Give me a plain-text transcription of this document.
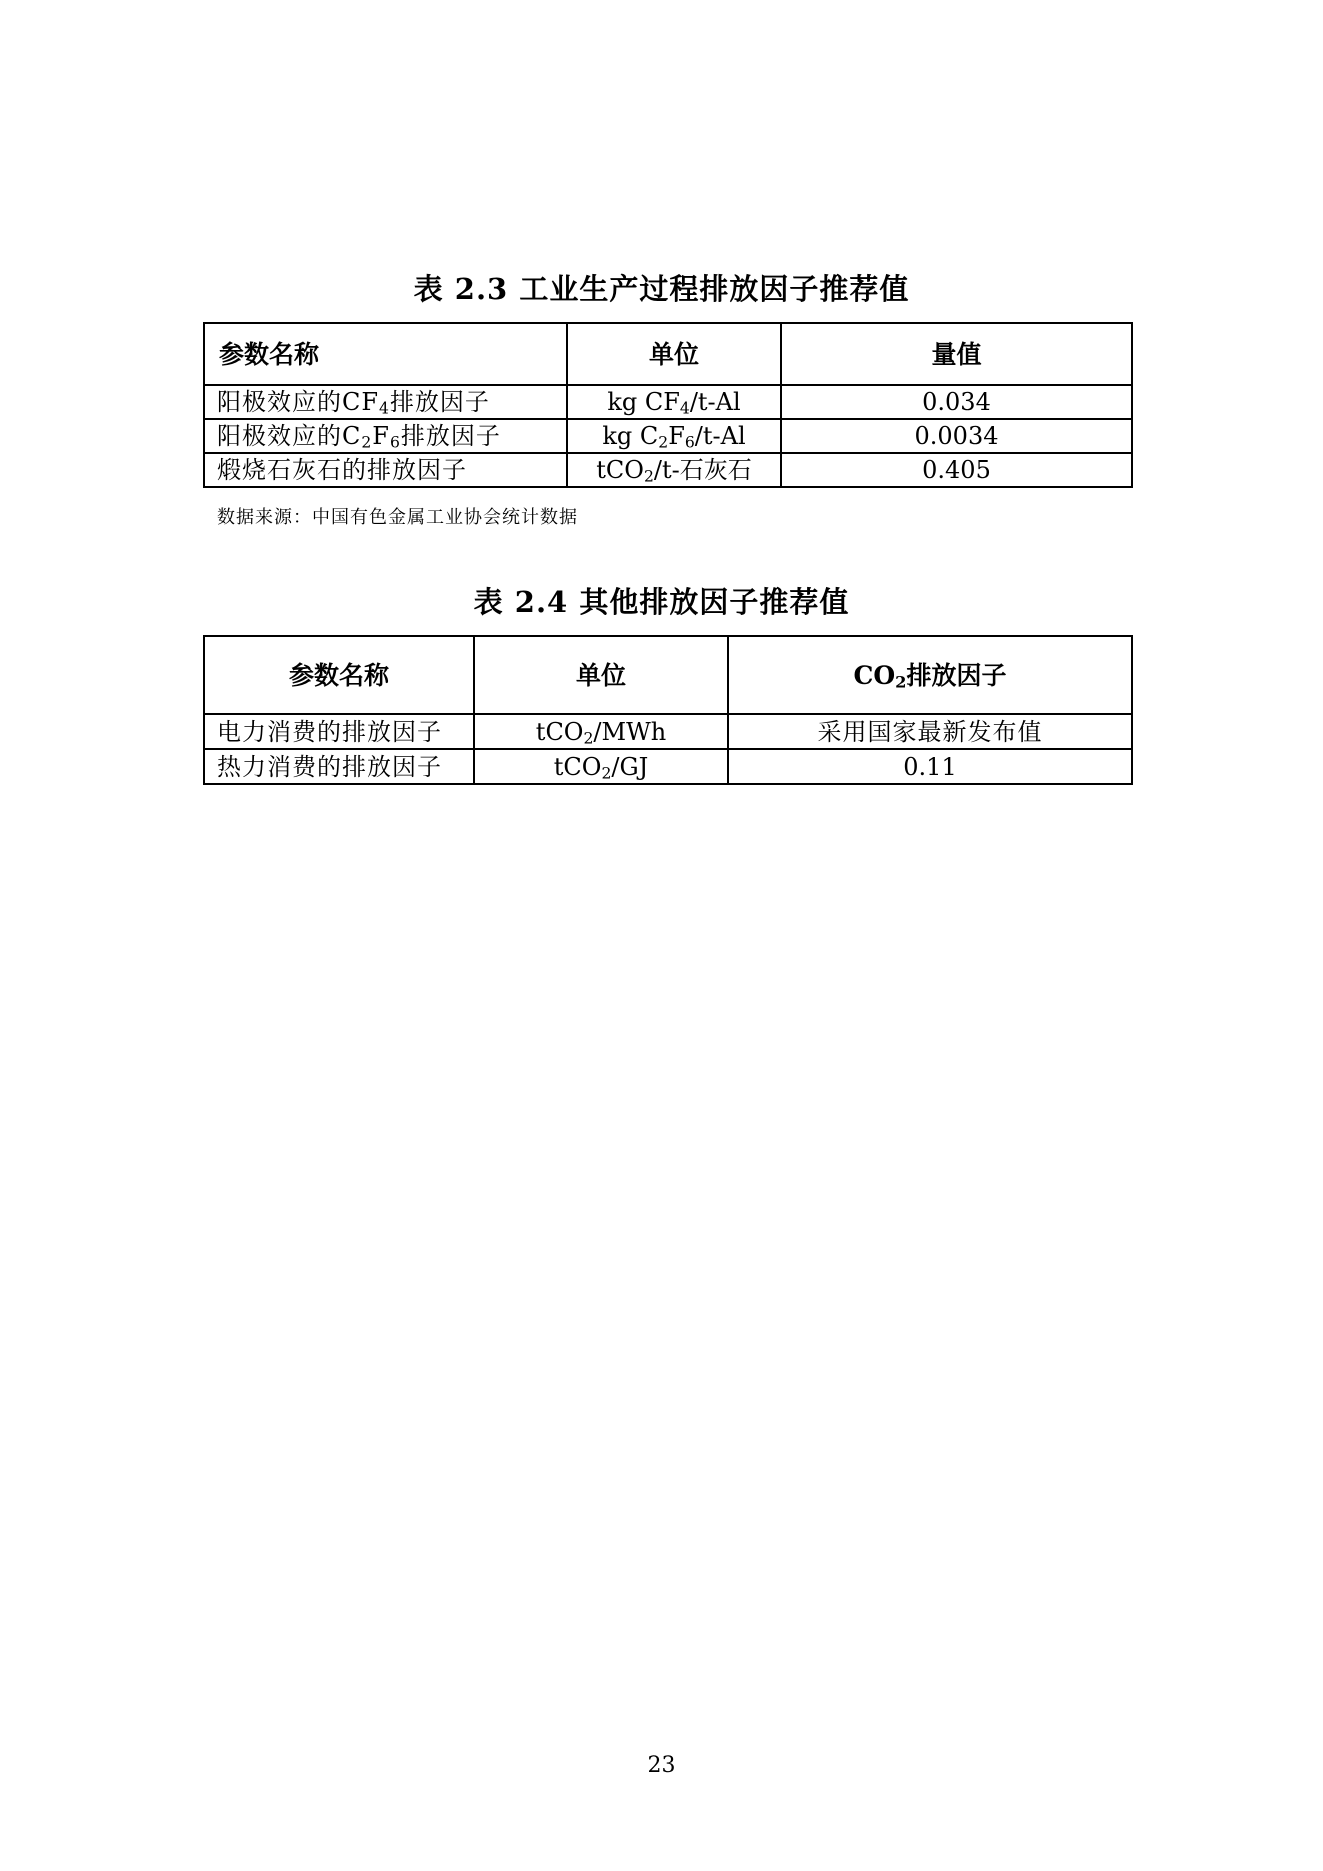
表 2.3 工业生产过程排放因子推荐值
参数名称	单位	量值
阳极效应的$CF_4$排放因子	kg $CF_4/t-Al$	0.034
阳极效应的$C_2F_6$排放因子	kg $C_2F_6/t-Al$	0.0034
煅烧石灰石的排放因子	tCO$_2$/t-石灰石	0.405
数据来源：中国有色金属工业协会统计数据
表 2.4 其他排放因子推荐值
参数名称	单位	$CO_2$排放因子
电力消费的排放因子	tCO$_2$/MWh	采用国家最新发布值
热力消费的排放因子	tCO$_2$/GJ	0.11
23
